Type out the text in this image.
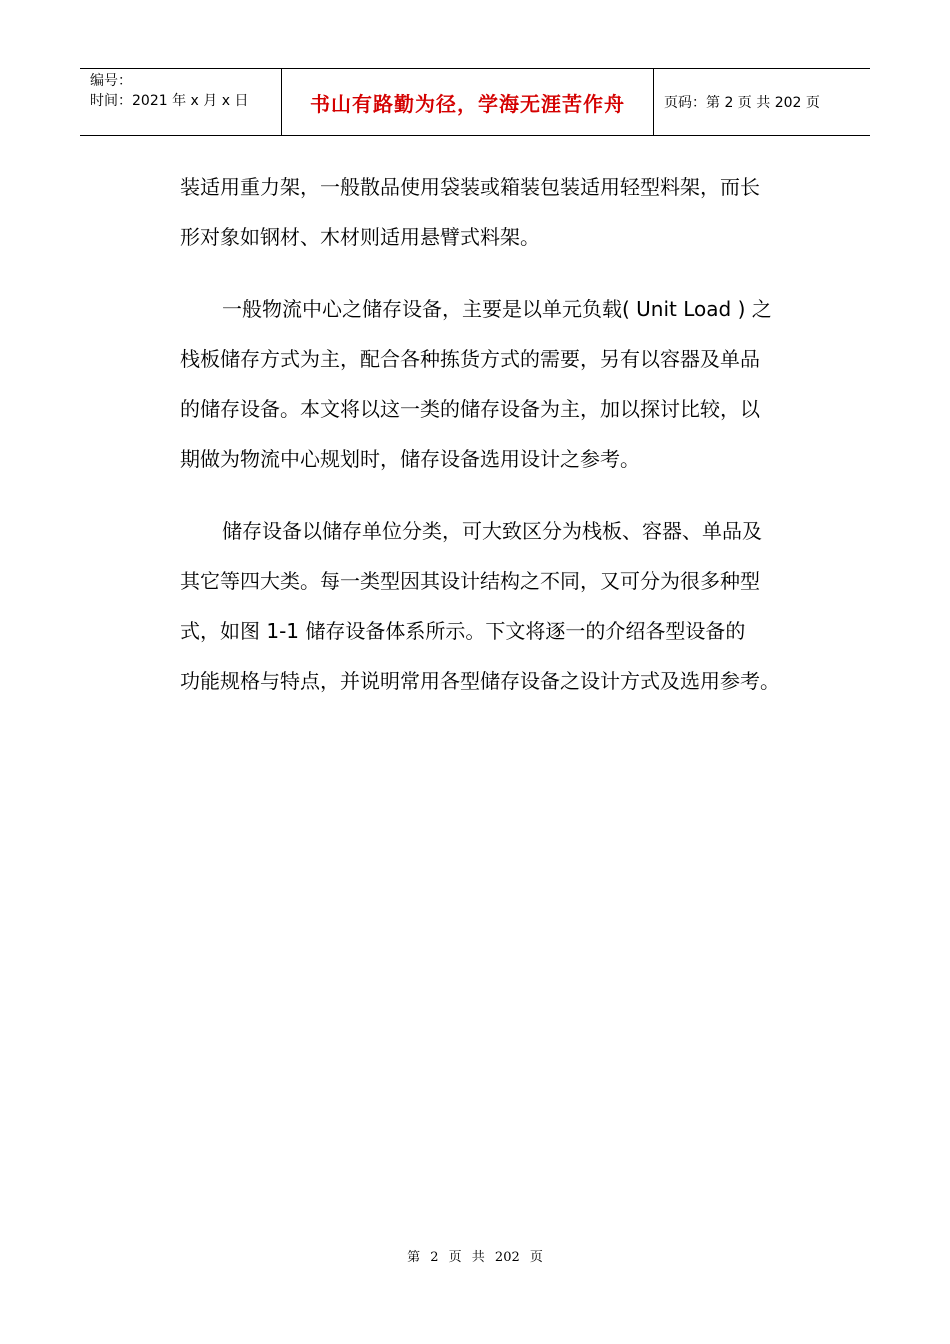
编号：
时间：2021 年 x 月 x 日	书山有路勤为径，学海无涯苦作舟	页码：第 2 页 共 202 页

装适用重力架，一般散品使用袋装或箱装包装适用轻型料架，而长
形对象如钢材、木材则适用悬臂式料架。

一般物流中心之储存设备，主要是以单元负载( Unit Load ) 之
栈板储存方式为主，配合各种拣货方式的需要，另有以容器及单品
的储存设备。本文将以这一类的储存设备为主，加以探讨比较，以
期做为物流中心规划时，储存设备选用设计之参考。

储存设备以储存单位分类，可大致区分为栈板、容器、单品及
其它等四大类。每一类型因其设计结构之不同，又可分为很多种型
式，如图 1-1 储存设备体系所示。下文将逐一的介绍各型设备的
功能规格与特点，并说明常用各型储存设备之设计方式及选用参考。

第 2 页 共 202 页
